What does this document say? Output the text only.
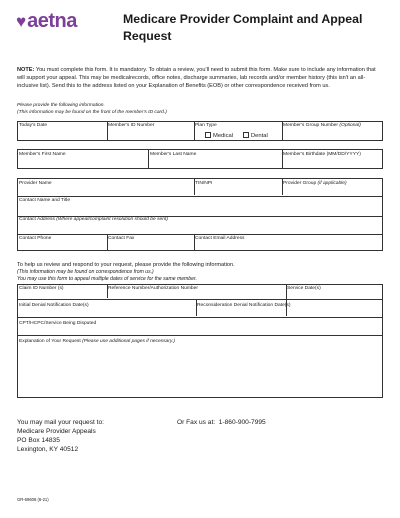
♥ aetna	Medicare Provider Complaint and Appeal Request
NOTE: You must complete this form. It is mandatory. To obtain a review, you'll need to submit this form. Make sure to include any information that will support your appeal. This may be medicalrecords, office notes, discharge summaries, lab records and/or member history (this isn't an all-inclusive list). Send this to the address listed on your Explanation of Benefits (EOB) or other correspondence received from us.
Please provide the following information.
(This information may be found on the front of the member's ID card.)
Today's Date	Member's ID Number	Plan Type	Member's Group Number (Optional)
Medical	Dental
Member's First Name	Member's Last Name	Member's Birthdate (MM/DD/YYYY)
Provider Name	TIN/NPI	Provider Group (if applicable)
Contact Name and Title
Contact Address (Where appeal/complaint resolution should be sent)
Contact Phone	Contact Fax	Contact Email Address
To help us review and respond to your request, please provide the following information.
(This information may be found on correspondence from us.)
You may use this form to appeal multiple dates of service for the same member.
Claim ID Number (s)	Reference Number/Authorization Number	Service Date(s)
Initial Denial Notification Date(s)	Reconsideration Denial Notification Date(s)
CPT/HCPC/Service Being Disputed
Explanation of Your Request (Please use additional pages if necessary.)
You may mail your request to:
Medicare Provider Appeals
PO Box 14835
Lexington, KY 40512
Or Fax us at: 1-860-900-7995
GR-69608 (6-21)
